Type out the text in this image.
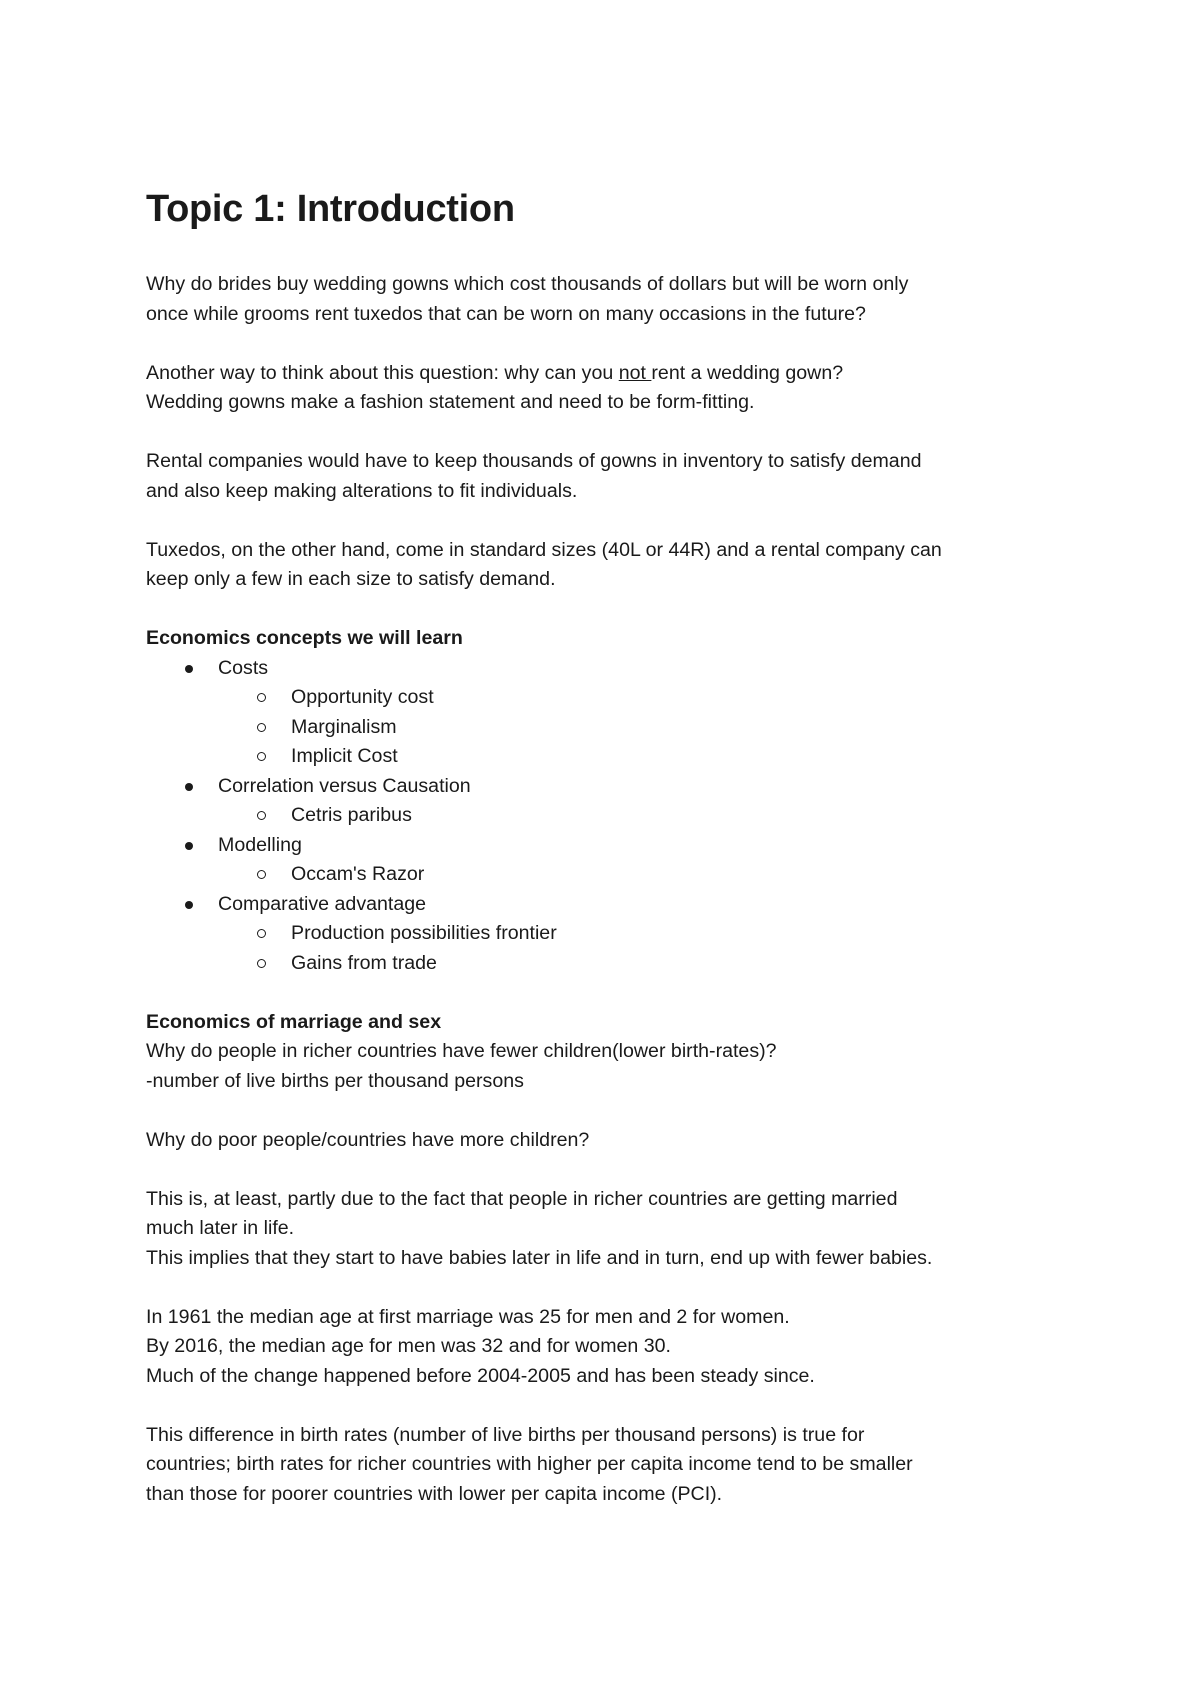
Topic 1: Introduction

Why do brides buy wedding gowns which cost thousands of dollars but will be worn only

once while grooms rent tuxedos that can be worn on many occasions in the future?

Another way to think about this question: why can you not rent a wedding gown?

Wedding gowns make a fashion statement and need to be form-fitting.

Rental companies would have to keep thousands of gowns in inventory to satisfy demand

and also keep making alterations to fit individuals.

Tuxedos, on the other hand, come in standard sizes (40L or 44R) and a rental company can

keep only a few in each size to satisfy demand.

Economics concepts we will learn

Costs
Opportunity cost
Marginalism
Implicit Cost
Correlation versus Causation
Cetris paribus
Modelling
Occam's Razor
Comparative advantage
Production possibilities frontier
Gains from trade

Economics of marriage and sex

Why do people in richer countries have fewer children(lower birth-rates)?

-number of live births per thousand persons

Why do poor people/countries have more children?

This is, at least, partly due to the fact that people in richer countries are getting married

much later in life.

This implies that they start to have babies later in life and in turn, end up with fewer babies.

In 1961 the median age at first marriage was 25 for men and 2 for women.

By 2016, the median age for men was 32 and for women 30.

Much of the change happened before 2004-2005 and has been steady since.

This difference in birth rates (number of live births per thousand persons) is true for

countries; birth rates for richer countries with higher per capita income tend to be smaller

than those for poorer countries with lower per capita income (PCI).
